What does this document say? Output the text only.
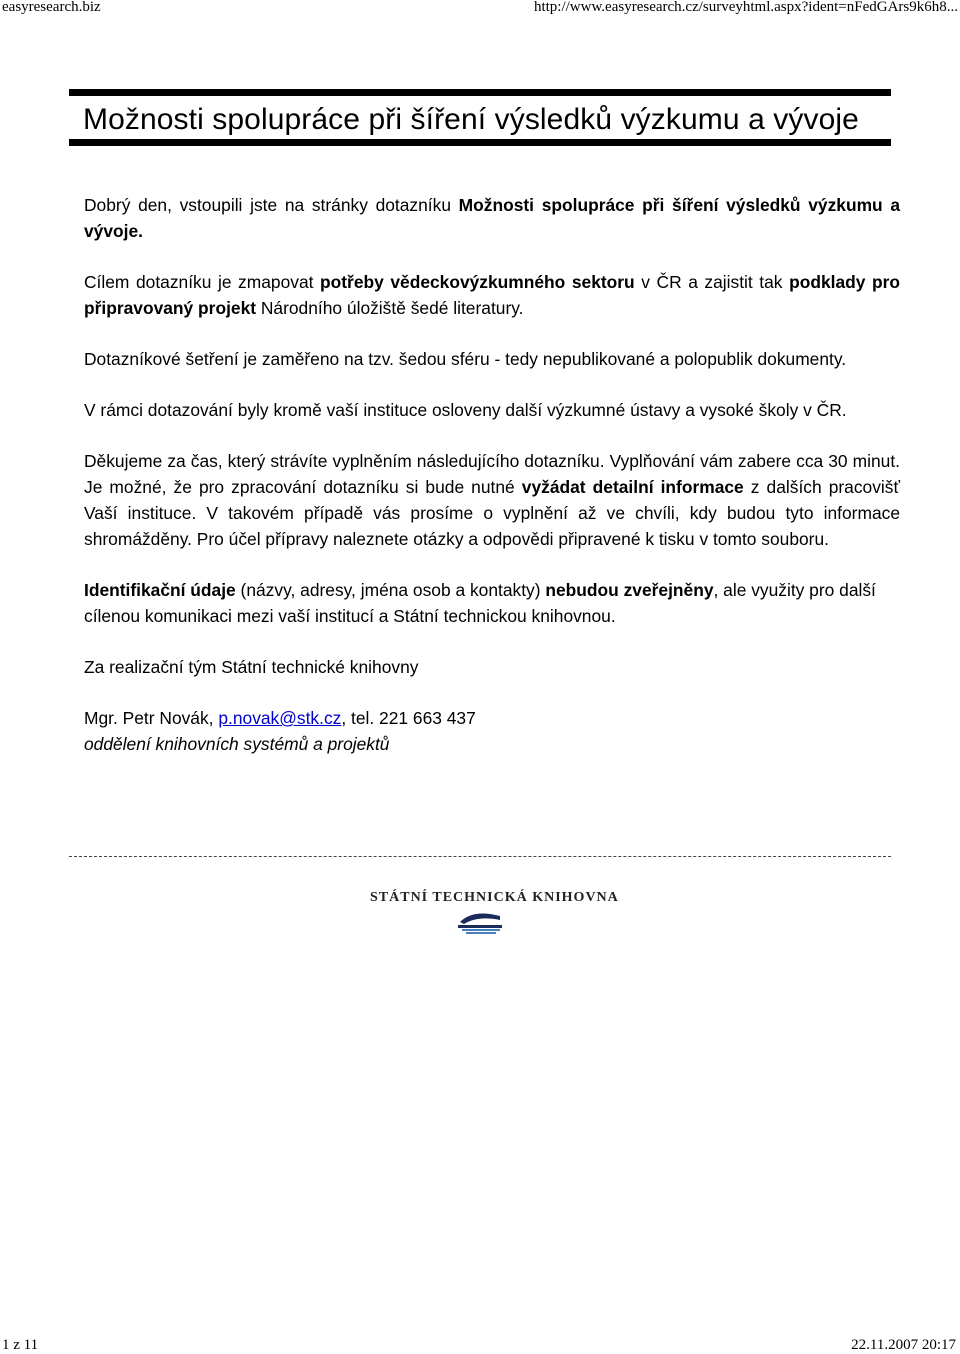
easyresearch.biz	http://www.easyresearch.cz/surveyhtml.aspx?ident=nFedGArs9k6h8...
Možnosti spolupráce při šíření výsledků výzkumu a vývoje

Dobrý den, vstoupili jste na stránky dotazníku Možnosti spolupráce při šíření výsledků výzkumu a vývoje.

Cílem dotazníku je zmapovat potřeby vědeckovýzkumného sektoru v ČR a zajistit tak podklady pro připravovaný projekt Národního úložiště šedé literatury.

Dotazníkové šetření je zaměřeno na tzv. šedou sféru - tedy nepublikované a polopublik dokumenty.

V rámci dotazování byly kromě vaší instituce osloveny další výzkumné ústavy a vysoké školy v ČR.

Děkujeme za čas, který strávíte vyplněním následujícího dotazníku. Vyplňování vám zabere cca 30 minut. Je možné, že pro zpracování dotazníku si bude nutné vyžádat detailní informace z dalších pracovišť Vaší instituce. V takovém případě vás prosíme o vyplnění až ve chvíli, kdy budou tyto informace shromážděny. Pro účel přípravy naleznete otázky a odpovědi připravené k tisku v tomto souboru.

Identifikační údaje (názvy, adresy, jména osob a kontakty) nebudou zveřejněny, ale využity pro další cílenou komunikaci mezi vaší institucí a Státní technickou knihovnou.

Za realizační tým Státní technické knihovny

Mgr. Petr Novák, p.novak@stk.cz, tel. 221 663 437
oddělení knihovních systémů a projektů

STÁTNÍ TECHNICKÁ KNIHOVNA
1 z 11	22.11.2007 20:17
